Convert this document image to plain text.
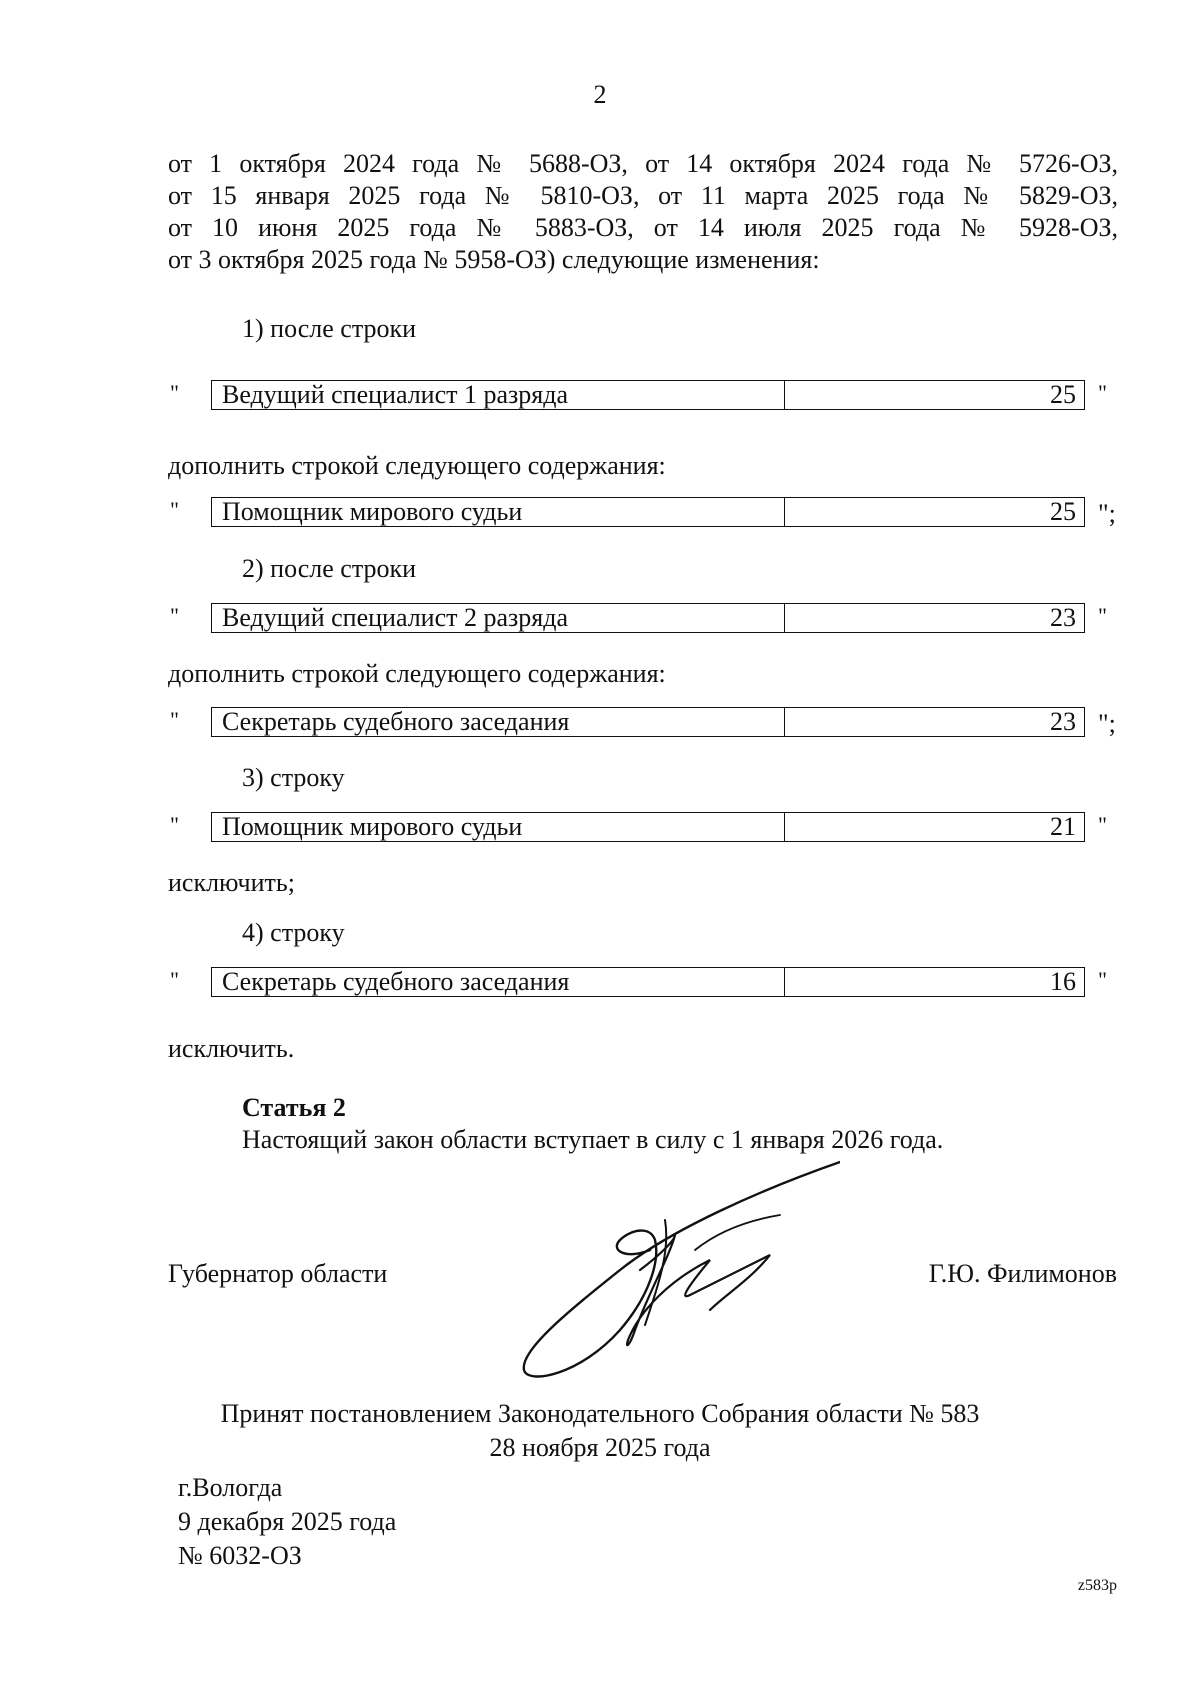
2
от 1 октября 2024 года № 5688-ОЗ, от 14 октября 2024 года № 5726-ОЗ,
от 15 января 2025 года № 5810-ОЗ, от 11 марта 2025 года № 5829-ОЗ,
от 10 июня 2025 года № 5883-ОЗ, от 14 июля 2025 года № 5928-ОЗ,
от 3 октября 2025 года № 5958-ОЗ) следующие изменения:
1) после строки
"	Ведущий специалист 1 разряда	25	"
дополнить строкой следующего содержания:
"	Помощник мирового судьи	25 ";
2) после строки
"	Ведущий специалист 2 разряда	23	"
дополнить строкой следующего содержания:
"	Секретарь судебного заседания	23 ";
3) строку
"	Помощник мирового судьи	21	"
исключить;
4) строку
"	Секретарь судебного заседания	16	"
исключить.
Статья 2
Настоящий закон области вступает в силу с 1 января 2026 года.
Губернатор области	Г.Ю. Филимонов
Принят постановлением Законодательного Собрания области № 583
28 ноября 2025 года
г.Вологда
9 декабря 2025 года
№ 6032-ОЗ
z583p
